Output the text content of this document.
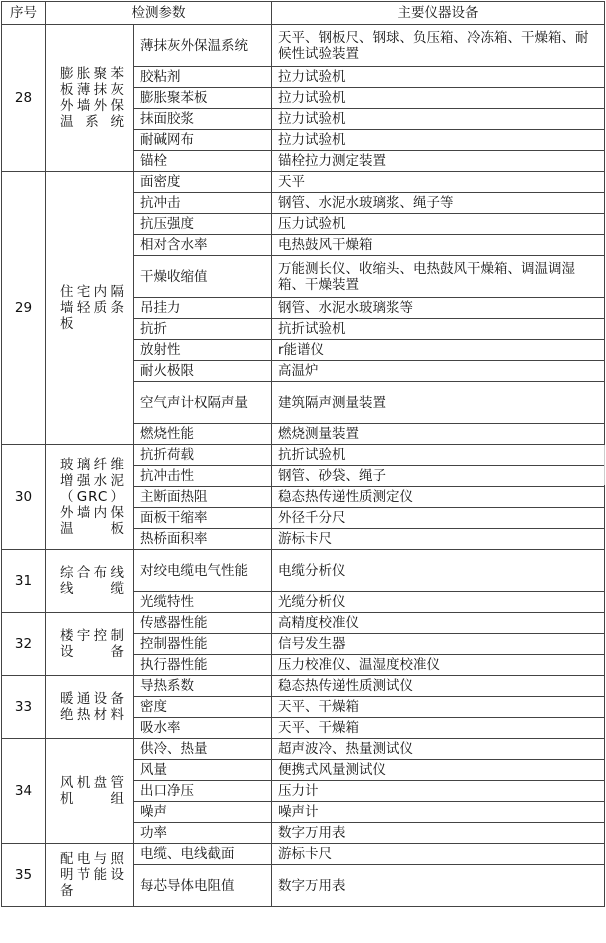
序号	检测参数		主要仪器设备
28	膨胀聚苯板薄抹灰外墙外保温系统	薄抹灰外保温系统	天平、钢板尺、钢球、负压箱、冷冻箱、干燥箱、耐候性试验装置
		胶粘剂	拉力试验机
		膨胀聚苯板	拉力试验机
		抹面胶浆	拉力试验机
		耐碱网布	拉力试验机
		锚栓	锚栓拉力测定装置
29	住宅内隔墙轻质条板	面密度	天平
		抗冲击	钢管、水泥水玻璃浆、绳子等
		抗压强度	压力试验机
		相对含水率	电热鼓风干燥箱
		干燥收缩值	万能测长仪、收缩头、电热鼓风干燥箱、调温调湿箱、干燥装置
		吊挂力	钢管、水泥水玻璃浆等
		抗折	抗折试验机
		放射性	r能谱仪
		耐火极限	高温炉
		空气声计权隔声量	建筑隔声测量装置
		燃烧性能	燃烧测量装置
30	玻璃纤维增强水泥（GRC）外墙内保温板	抗折荷载	抗折试验机
		抗冲击性	钢管、砂袋、绳子
		主断面热阻	稳态热传递性质测定仪
		面板干缩率	外径千分尺
		热桥面积率	游标卡尺
31	综合布线线缆	对绞电缆电气性能	电缆分析仪
		光缆特性	光缆分析仪
32	楼宇控制设备	传感器性能	高精度校准仪
		控制器性能	信号发生器
		执行器性能	压力校准仪、温湿度校准仪
33	暖通设备绝热材料	导热系数	稳态热传递性质测试仪
		密度	天平、干燥箱
		吸水率	天平、干燥箱
34	风机盘管机组	供冷、热量	超声波冷、热量测试仪
		风量	便携式风量测试仪
		出口净压	压力计
		噪声	噪声计
		功率	数字万用表
35	配电与照明节能设备	电缆、电线截面	游标卡尺
		每芯导体电阻值	数字万用表
